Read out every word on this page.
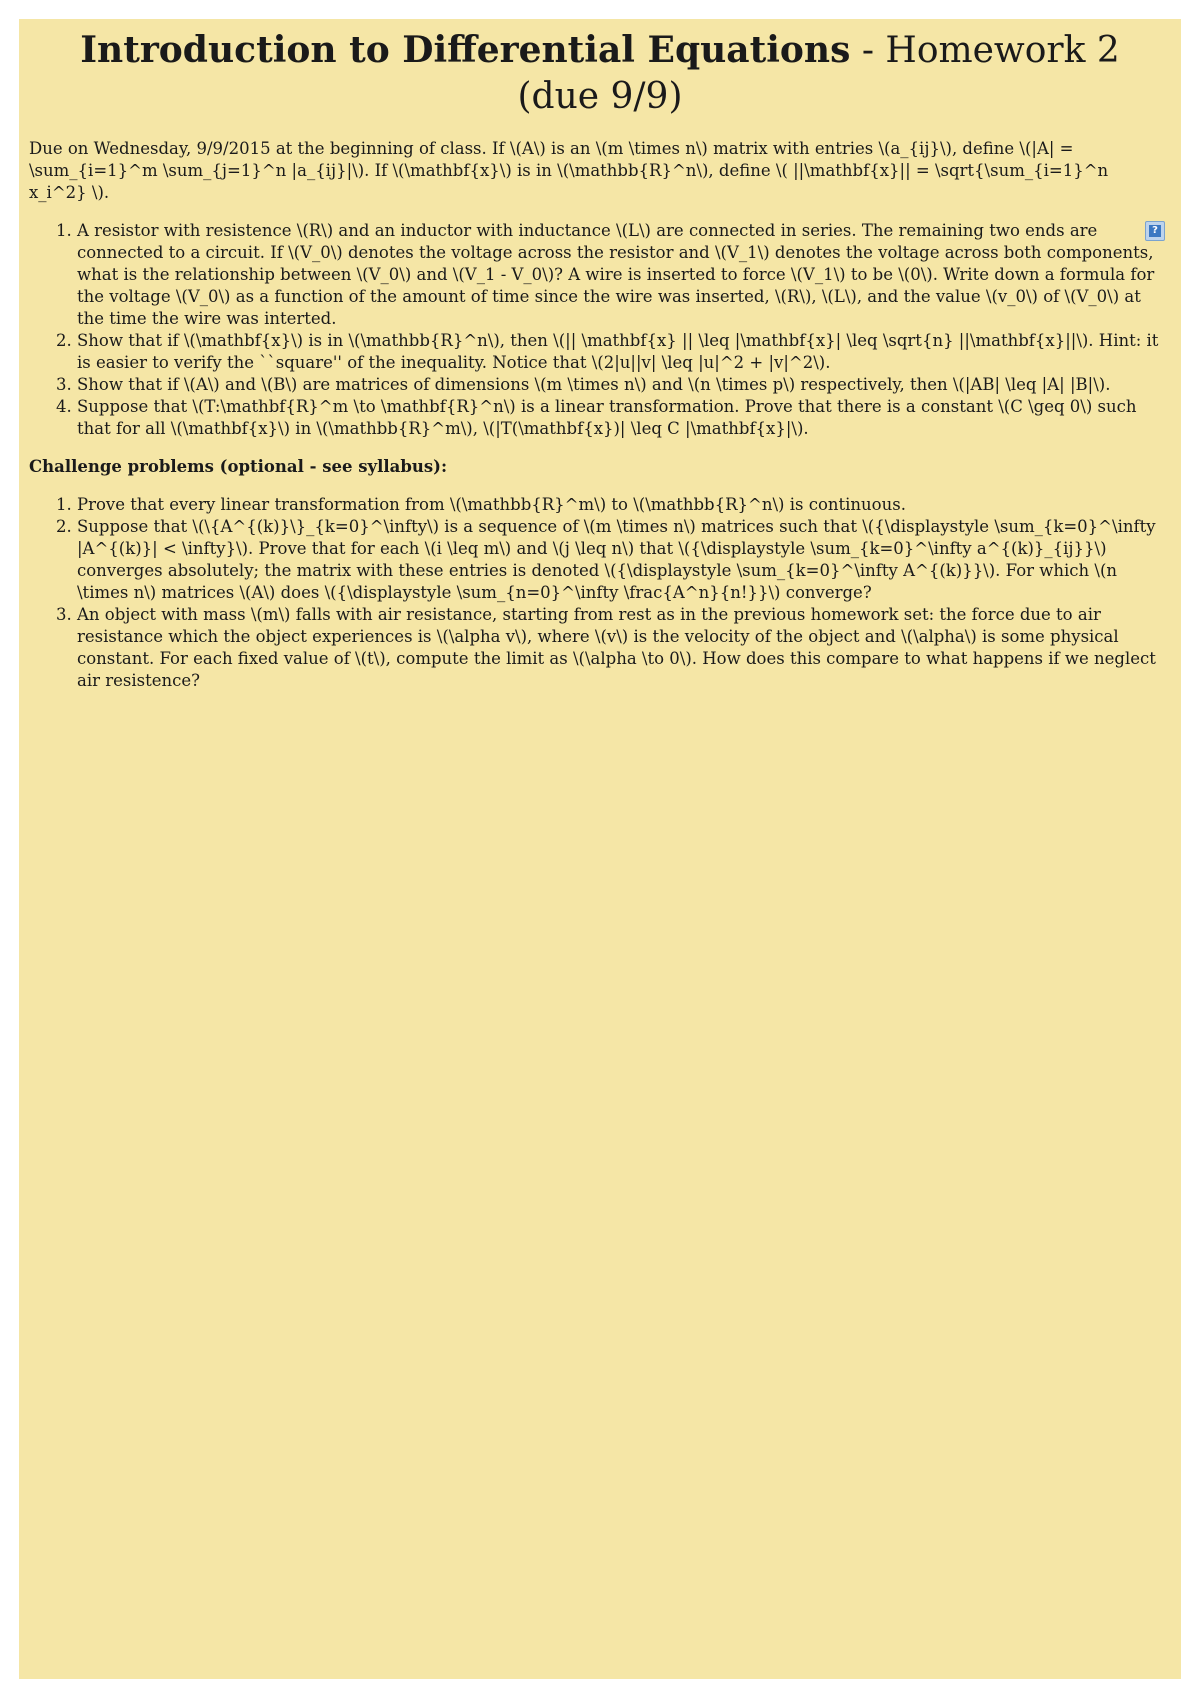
Introduction to Differential Equations - Homework 2 (due 9/9)

Due on Wednesday, 9/9/2015 at the beginning of class. If \(A\) is an \(m \times n\) matrix with entries \(a_{ij}\), define \(|A| = \sum_{i=1}^m \sum_{j=1}^n |a_{ij}|\). If \(\mathbf{x}\) is in \(\mathbb{R}^n\), define \( ||\mathbf{x}|| = \sqrt{\sum_{i=1}^n x_i^2} \).

1. ?
A resistor with resistence \(R\) and an inductor with inductance \(L\) are connected in series. The remaining two ends are connected to a circuit. If \(V_0\) denotes the voltage across the resistor and \(V_1\) denotes the voltage across both components, what is the relationship between \(V_0\) and \(V_1 - V_0\)? A wire is inserted to force \(V_1\) to be \(0\). Write down a formula for the voltage \(V_0\) as a function of the amount of time since the wire was inserted, \(R\), \(L\), and the value \(v_0\) of \(V_0\) at the time the wire was interted.
2. Show that if \(\mathbf{x}\) is in \(\mathbb{R}^n\), then \(|| \mathbf{x} || \leq |\mathbf{x}| \leq \sqrt{n} ||\mathbf{x}||\). Hint: it is easier to verify the ``square'' of the inequality. Notice that \(2|u||v| \leq |u|^2 + |v|^2\).
3. Show that if \(A\) and \(B\) are matrices of dimensions \(m \times n\) and \(n \times p\) respectively, then \(|AB| \leq |A| |B|\).
4. Suppose that \(T:\mathbf{R}^m \to \mathbf{R}^n\) is a linear transformation. Prove that there is a constant \(C \geq 0\) such that for all \(\mathbf{x}\) in \(\mathbb{R}^m\), \(|T(\mathbf{x})| \leq C |\mathbf{x}|\).

Challenge problems (optional - see syllabus):

1. Prove that every linear transformation from \(\mathbb{R}^m\) to \(\mathbb{R}^n\) is continuous.
2. Suppose that \(\{A^{(k)}\}_{k=0}^\infty\) is a sequence of \(m \times n\) matrices such that \({\displaystyle \sum_{k=0}^\infty |A^{(k)}| < \infty}\). Prove that for each \(i \leq m\) and \(j \leq n\) that \({\displaystyle \sum_{k=0}^\infty a^{(k)}_{ij}}\) converges absolutely; the matrix with these entries is denoted \({\displaystyle \sum_{k=0}^\infty A^{(k)}}\). For which \(n \times n\) matrices \(A\) does \({\displaystyle \sum_{n=0}^\infty \frac{A^n}{n!}}\) converge?
3. An object with mass \(m\) falls with air resistance, starting from rest as in the previous homework set: the force due to air resistance which the object experiences is \(\alpha v\), where \(v\) is the velocity of the object and \(\alpha\) is some physical constant. For each fixed value of \(t\), compute the limit as \(\alpha \to 0\). How does this compare to what happens if we neglect air resistence?
